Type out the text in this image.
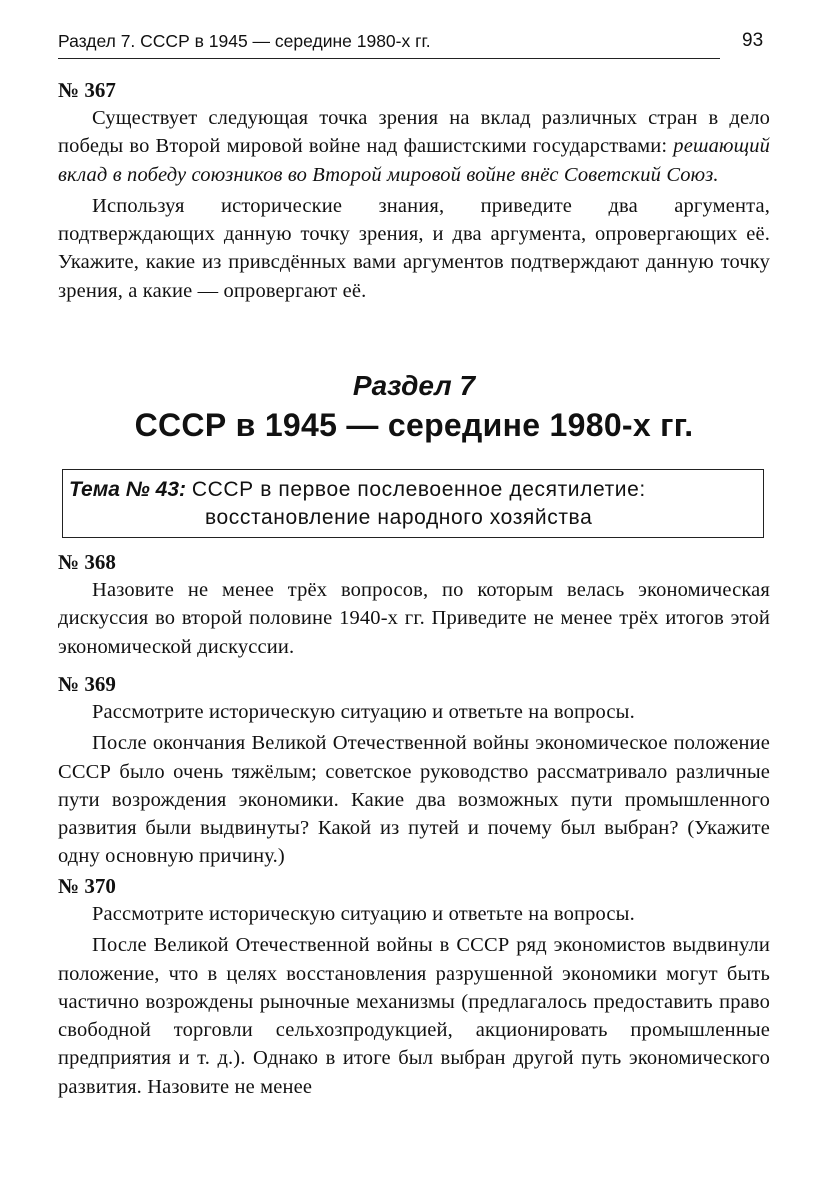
Раздел 7. СССР в 1945 — середине 1980-х гг.	93

№ 367

Существует следующая точка зрения на вклад различных стран в дело победы во Второй мировой войне над фашистскими государствами: решающий вклад в победу союзников во Второй мировой войне внёс Советский Союз.

Используя исторические знания, приведите два аргумента, подтверждающих данную точку зрения, и два аргумента, опровергающих её. Укажите, какие из привсдённых вами аргументов подтверждают данную точку зрения, а какие — опровергают её.

Раздел 7
СССР в 1945 — середине 1980-х гг.
Тема № 43: СССР в первое послевоенное десятилетие:
восстановление народного хозяйства

№ 368

Назовите не менее трёх вопросов, по которым велась экономическая дискуссия во второй половине 1940-х гг. Приведите не менее трёх итогов этой экономической дискуссии.

№ 369

Рассмотрите историческую ситуацию и ответьте на вопросы.

После окончания Великой Отечественной войны экономическое положение СССР было очень тяжёлым; советское руководство рассматривало различные пути возрождения экономики. Какие два возможных пути промышленного развития были выдвинуты? Какой из путей и почему был выбран? (Укажите одну основную причину.)

№ 370

Рассмотрите историческую ситуацию и ответьте на вопросы.

После Великой Отечественной войны в СССР ряд экономистов выдвинули положение, что в целях восстановления разрушенной экономики могут быть частично возрождены рыночные механизмы (предлагалось предоставить право свободной торговли сельхозпродукцией, акционировать промышленные предприятия и т. д.). Однако в итоге был выбран другой путь экономического развития. Назовите не менее
